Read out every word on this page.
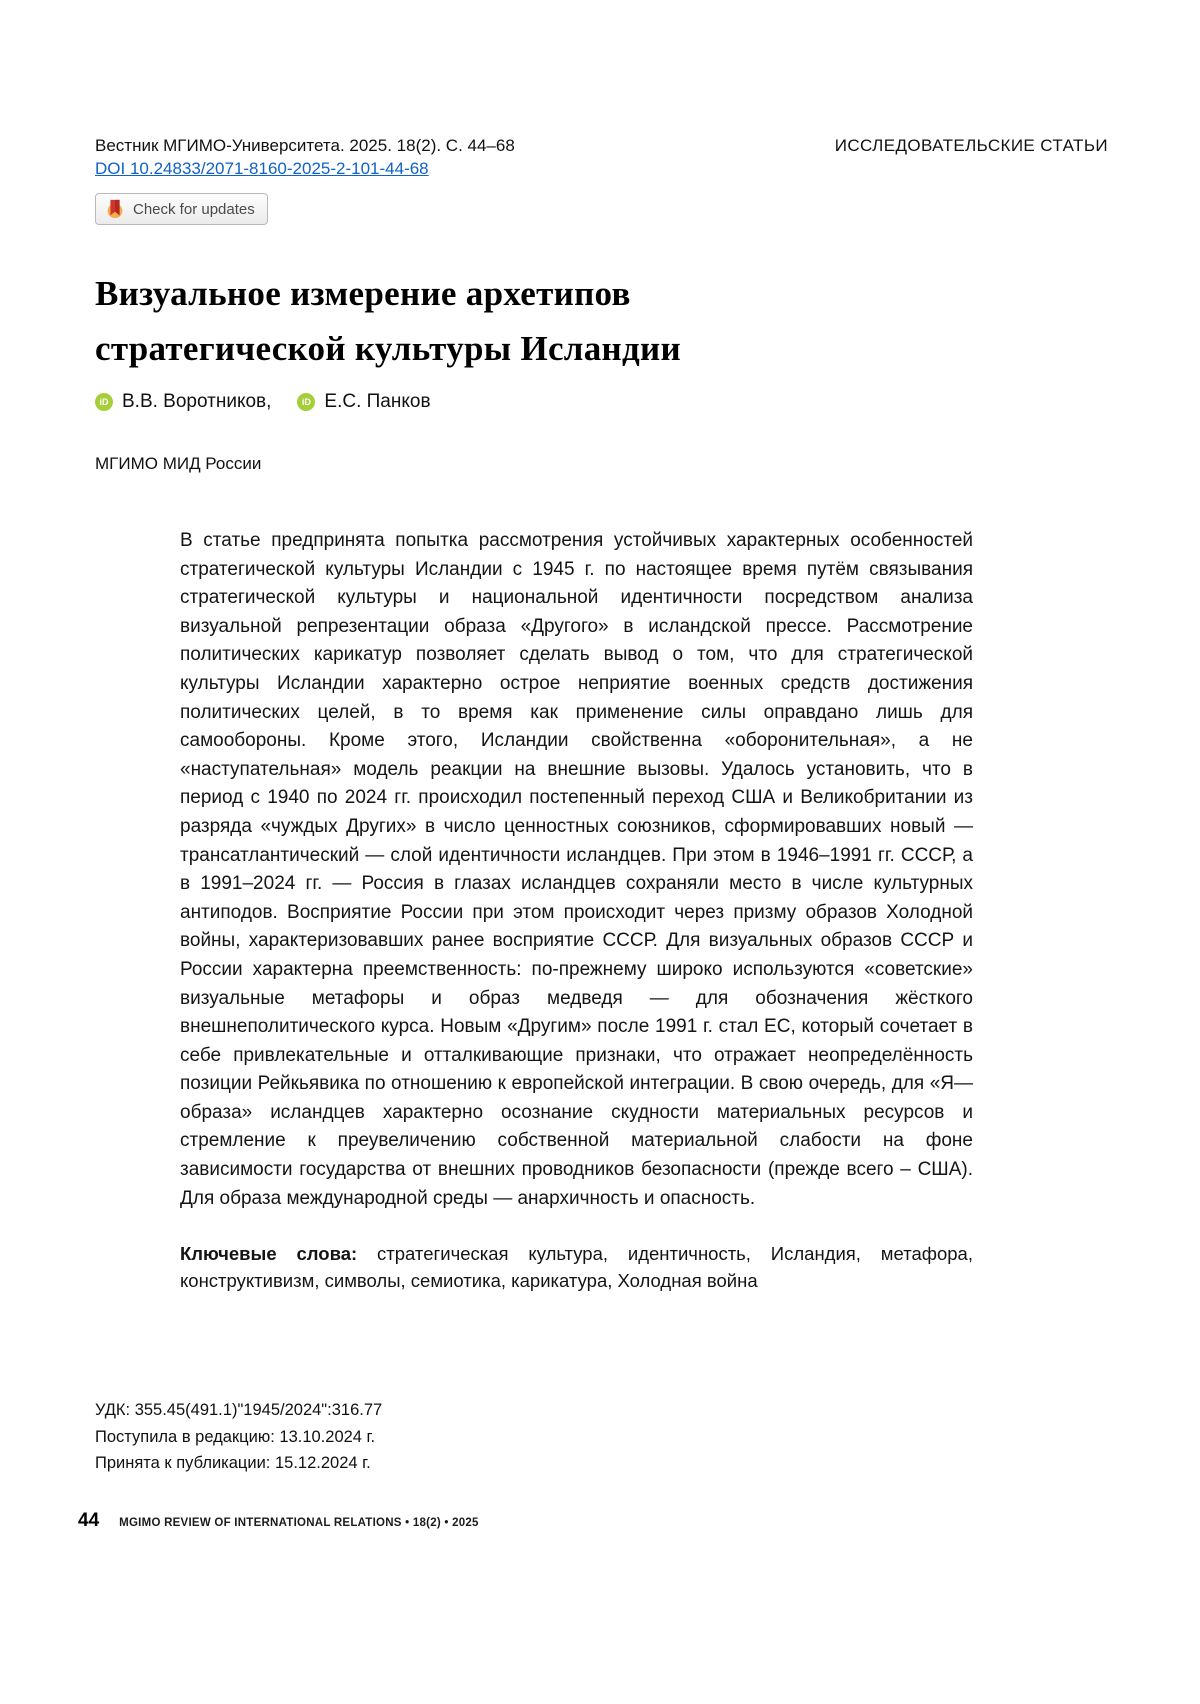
Вестник МГИМО-Университета. 2025. 18(2). С. 44–68
DOI 10.24833/2071-8160-2025-2-101-44-68
Check for updates
ИССЛЕДОВАТЕЛЬСКИЕ СТАТЬИ
Визуальное измерение архетипов
стратегической культуры Исландии
iD В.В. Воротников,	iD Е.С. Панков
МГИМО МИД России

В статье предпринята попытка рассмотрения устойчивых характерных особенностей стратегической культуры Исландии с 1945 г. по настоящее время путём связывания стратегической культуры и национальной идентичности посредством анализа визуальной репрезентации образа «Другого» в исландской прессе. Рассмотрение политических карикатур позволяет сделать вывод о том, что для стратегической культуры Исландии характерно острое неприятие военных средств достижения политических целей, в то время как применение силы оправдано лишь для самообороны. Кроме этого, Исландии свойственна «оборонительная», а не «наступательная» модель реакции на внешние вызовы. Удалось установить, что в период с 1940 по 2024 гг. происходил постепенный переход США и Великобритании из разряда «чуждых Других» в число ценностных союзников, сформировавших новый — трансатлантический — слой идентичности исландцев. При этом в 1946–1991 гг. СССР, а в 1991–2024 гг. — Россия в глазах исландцев сохраняли место в числе культурных антиподов. Восприятие России при этом происходит через призму образов Холодной войны, характеризовавших ранее восприятие СССР. Для визуальных образов СССР и России характерна преемственность: по-прежнему широко используются «советские» визуальные метафоры и образ медведя — для обозначения жёсткого внешнеполитического курса. Новым «Другим» после 1991 г. стал ЕС, который сочетает в себе привлекательные и отталкивающие признаки, что отражает неопределённость позиции Рейкьявика по отношению к европейской интеграции. В свою очередь, для «Я—образа» исландцев характерно осознание скудности материальных ресурсов и стремление к преувеличению собственной материальной слабости на фоне зависимости государства от внешних проводников безопасности (прежде всего – США). Для образа международной среды — анархичность и опасность.

Ключевые слова: стратегическая культура, идентичность, Исландия, метафора, конструктивизм, символы, семиотика, карикатура, Холодная война
УДК: 355.45(491.1)"1945/2024":316.77
Поступила в редакцию: 13.10.2024 г.
Принята к публикации: 15.12.2024 г.
44 MGIMO REVIEW OF INTERNATIONAL RELATIONS • 18(2) • 2025
